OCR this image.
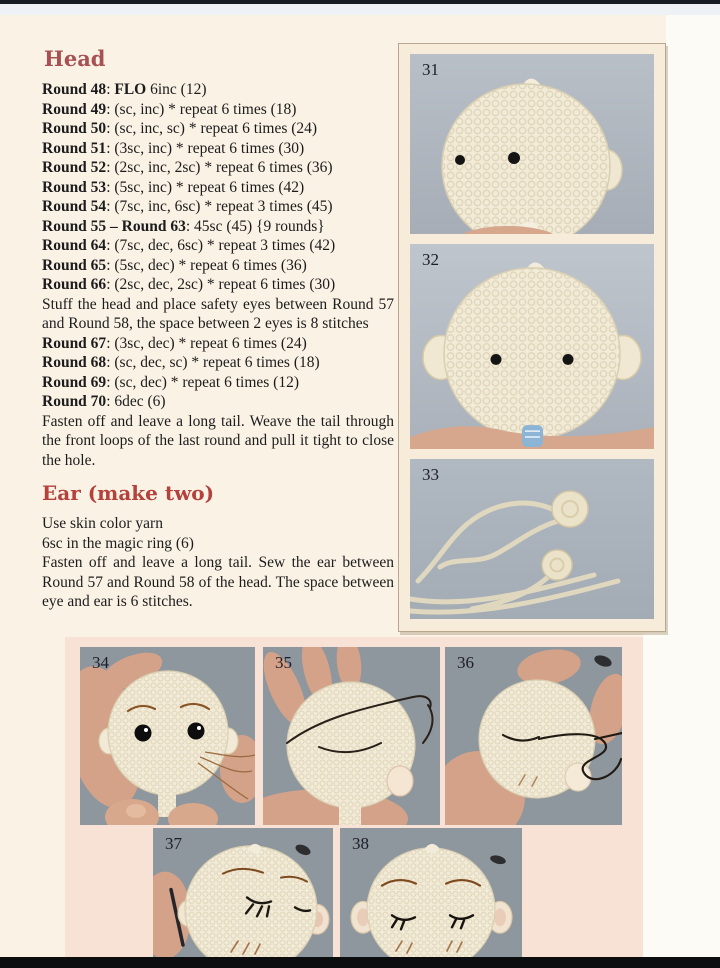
Head
Round 48: FLO 6inc (12)
Round 49: (sc, inc) * repeat 6 times (18)
Round 50: (sc, inc, sc) * repeat 6 times (24)
Round 51: (3sc, inc) * repeat 6 times (30)
Round 52: (2sc, inc, 2sc) * repeat 6 times (36)
Round 53: (5sc, inc) * repeat 6 times (42)
Round 54: (7sc, inc, 6sc) * repeat 3 times (45)
Round 55 – Round 63: 45sc (45) {9 rounds}
Round 64: (7sc, dec, 6sc) * repeat 3 times (42)
Round 65: (5sc, dec) * repeat 6 times (36)
Round 66: (2sc, dec, 2sc) * repeat 6 times (30)
Stuff the head and place safety eyes between Round 57 and Round 58, the space between 2 eyes is 8 stitches
Round 67: (3sc, dec) * repeat 6 times (24)
Round 68: (sc, dec, sc) * repeat 6 times (18)
Round 69: (sc, dec) * repeat 6 times (12)
Round 70: 6dec (6)
Fasten off and leave a long tail. Weave the tail through the front loops of the last round and pull it tight to close the hole.
Ear (make two)
Use skin color yarn
6sc in the magic ring (6)
Fasten off and leave a long tail. Sew the ear between Round 57 and Round 58 of the head. The space between eye and ear is 6 stitches.
31
32
33
34	35	36
37	38
